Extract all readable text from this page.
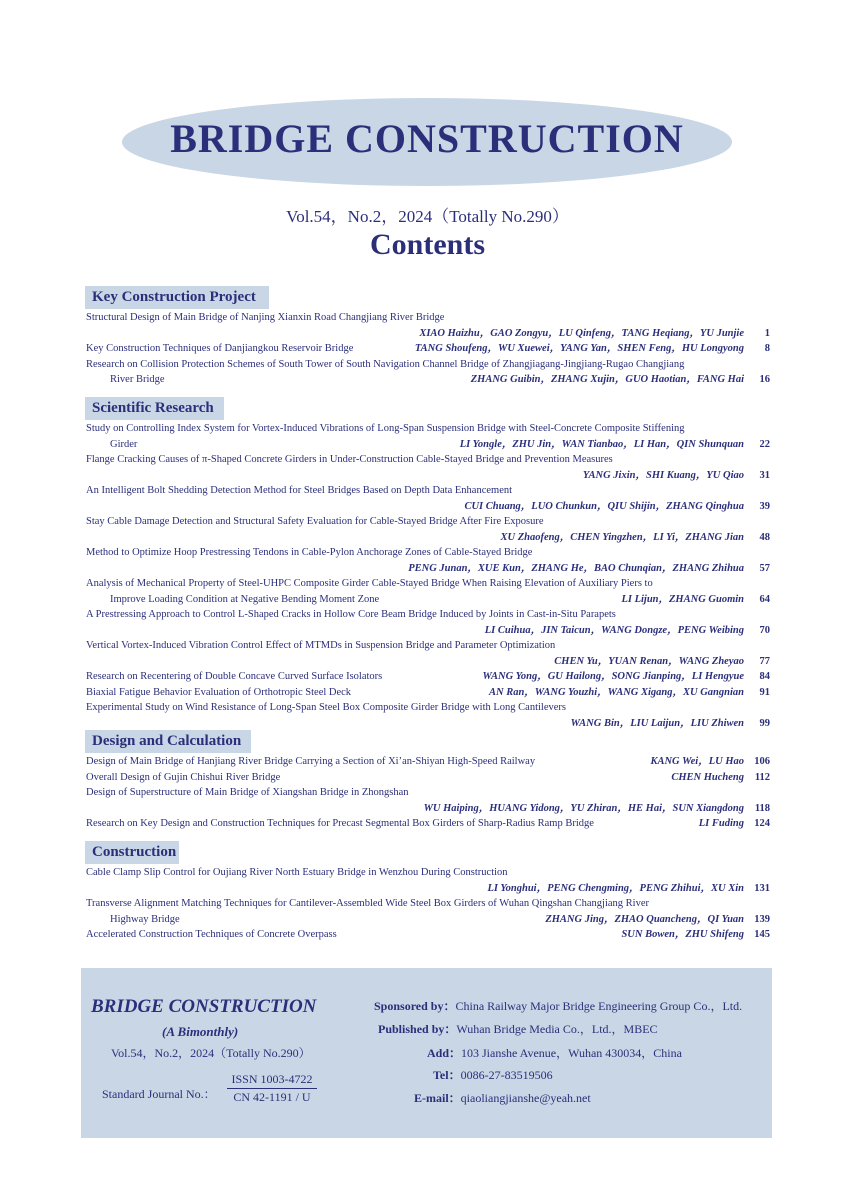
BRIDGE CONSTRUCTION
Vol.54，No.2，2024（Totally No.290）
Contents
Key Construction Project
Structural Design of Main Bridge of Nanjing Xianxin Road Changjiang River Bridge
XIAO Haizhu，GAO Zongyu，LU Qinfeng，TANG Heqiang，YU Junjie	1
Key Construction Techniques of Danjiangkou Reservoir Bridge	TANG Shoufeng，WU Xuewei，YANG Yan，SHEN Feng，HU Longyong	8
Research on Collision Protection Schemes of South Tower of South Navigation Channel Bridge of Zhangjiagang-Jingjiang-Rugao Changjiang
River Bridge	ZHANG Guibin，ZHANG Xujin，GUO Haotian，FANG Hai	16
Scientific Research
Study on Controlling Index System for Vortex-Induced Vibrations of Long-Span Suspension Bridge with Steel-Concrete Composite Stiffening
Girder	LI Yongle，ZHU Jin，WAN Tianbao，LI Han，QIN Shunquan	22
Flange Cracking Causes of π-Shaped Concrete Girders in Under-Construction Cable-Stayed Bridge and Prevention Measures
YANG Jixin，SHI Kuang，YU Qiao	31
An Intelligent Bolt Shedding Detection Method for Steel Bridges Based on Depth Data Enhancement
CUI Chuang，LUO Chunkun，QIU Shijin，ZHANG Qinghua	39
Stay Cable Damage Detection and Structural Safety Evaluation for Cable-Stayed Bridge After Fire Exposure
XU Zhaofeng，CHEN Yingzhen，LI Yi，ZHANG Jian	48
Method to Optimize Hoop Prestressing Tendons in Cable-Pylon Anchorage Zones of Cable-Stayed Bridge
PENG Junan，XUE Kun，ZHANG He，BAO Chunqian，ZHANG Zhihua	57
Analysis of Mechanical Property of Steel-UHPC Composite Girder Cable-Stayed Bridge When Raising Elevation of Auxiliary Piers to
Improve Loading Condition at Negative Bending Moment Zone	LI Lijun，ZHANG Guomin	64
A Prestressing Approach to Control L-Shaped Cracks in Hollow Core Beam Bridge Induced by Joints in Cast-in-Situ Parapets
LI Cuihua，JIN Taicun，WANG Dongze，PENG Weibing	70
Vertical Vortex-Induced Vibration Control Effect of MTMDs in Suspension Bridge and Parameter Optimization
CHEN Yu，YUAN Renan，WANG Zheyao	77
Research on Recentering of Double Concave Curved Surface Isolators	WANG Yong，GU Hailong，SONG Jianping，LI Hengyue	84
Biaxial Fatigue Behavior Evaluation of Orthotropic Steel Deck	AN Ran，WANG Youzhi，WANG Xigang，XU Gangnian	91
Experimental Study on Wind Resistance of Long-Span Steel Box Composite Girder Bridge with Long Cantilevers
WANG Bin，LIU Laijun，LIU Zhiwen	99
Design and Calculation
Design of Main Bridge of Hanjiang River Bridge Carrying a Section of Xi’an-Shiyan High-Speed Railway	KANG Wei，LU Hao 106
Overall Design of Gujin Chishui River Bridge	CHEN Hucheng	112
Design of Superstructure of Main Bridge of Xiangshan Bridge in Zhongshan
WU Haiping，HUANG Yidong，YU Zhiran，HE Hai，SUN Xiangdong	118
Research on Key Design and Construction Techniques for Precast Segmental Box Girders of Sharp-Radius Ramp Bridge	LI Fuding 124
Construction
Cable Clamp Slip Control for Oujiang River North Estuary Bridge in Wenzhou During Construction
LI Yonghui，PENG Chengming，PENG Zhihui，XU Xin 131
Transverse Alignment Matching Techniques for Cantilever-Assembled Wide Steel Box Girders of Wuhan Qingshan Changjiang River
Highway Bridge	ZHANG Jing，ZHAO Quancheng，QI Yuan 139
Accelerated Construction Techniques of Concrete Overpass	SUN Bowen，ZHU Shifeng 145
BRIDGE CONSTRUCTION
(A Bimonthly)
Vol.54，No.2，2024（Totally No.290）
Standard Journal No.：
ISSN 1003-4722
CN 42-1191 / U
Sponsored by：China Railway Major Bridge Engineering Group Co.，Ltd.
Published by：Wuhan Bridge Media Co.，Ltd.，MBEC
Add：103 Jianshe Avenue，Wuhan 430034，China
Tel：0086-27-83519506
E-mail：qiaoliangjianshe@yeah.net
